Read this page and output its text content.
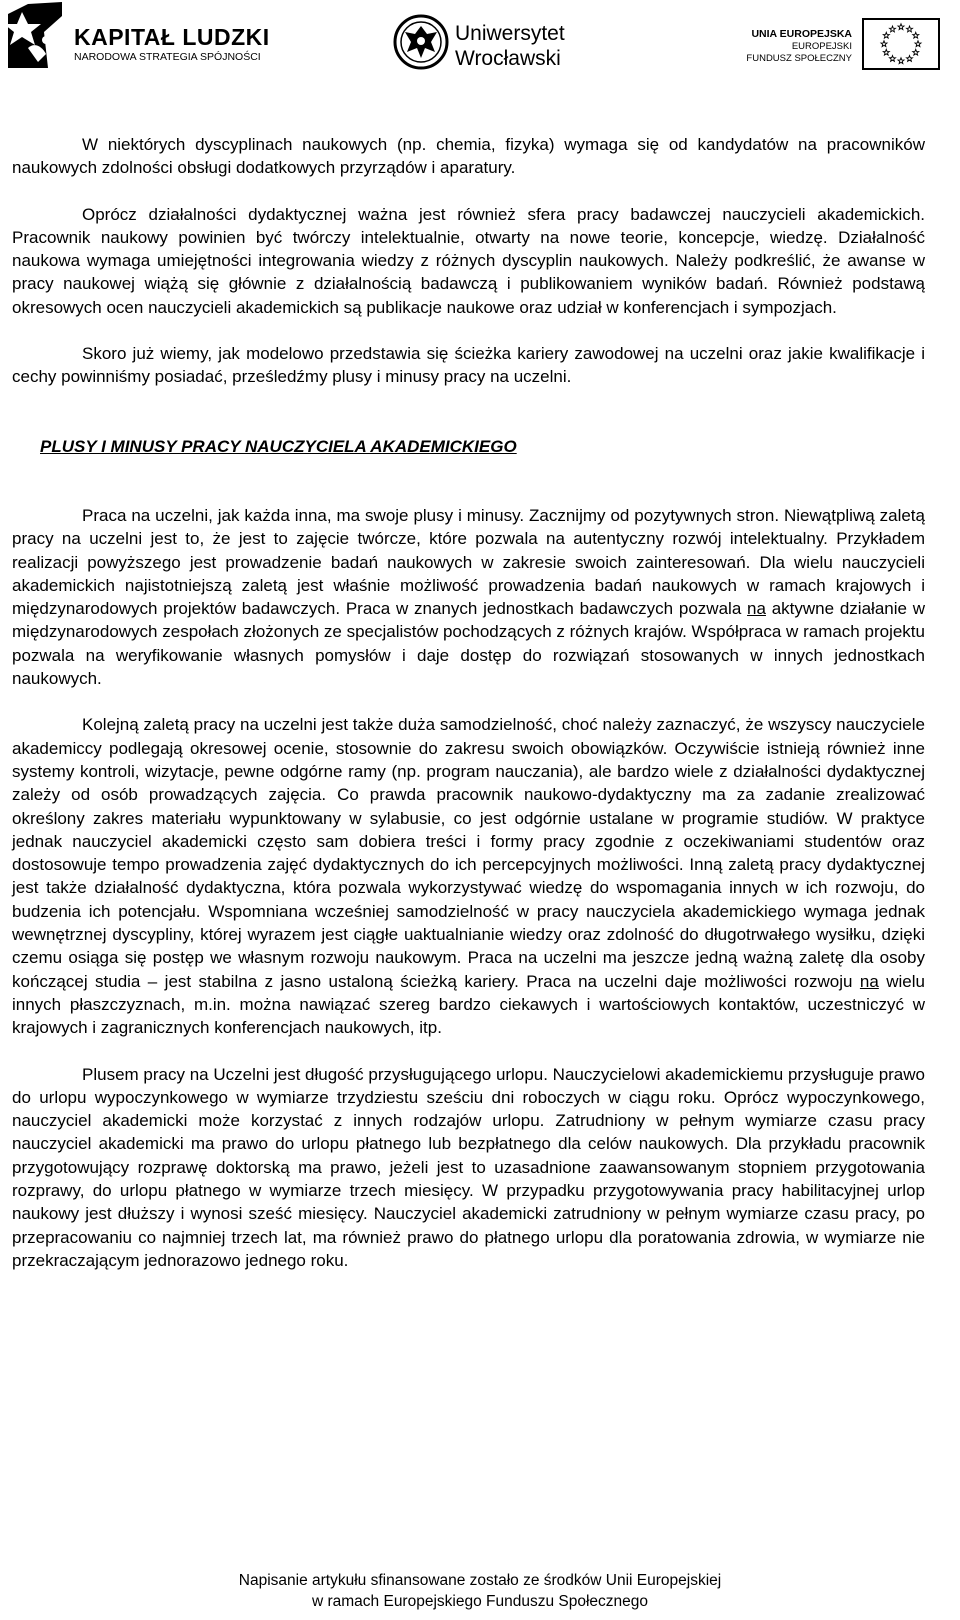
KAPITAŁ LUDZKI
NARODOWA STRATEGIA SPÓJNOŚCI
Uniwersytet
Wrocławski
UNIA EUROPEJSKA
EUROPEJSKI
FUNDUSZ SPOŁECZNY

W niektórych dyscyplinach naukowych (np. chemia, fizyka) wymaga się od kandydatów na pracowników naukowych zdolności obsługi dodatkowych przyrządów i aparatury.

Oprócz działalności dydaktycznej ważna jest również sfera pracy badawczej nauczycieli akademickich. Pracownik naukowy powinien być twórczy intelektualnie, otwarty na nowe teorie, koncepcje, wiedzę. Działalność naukowa wymaga umiejętności integrowania wiedzy z różnych dyscyplin naukowych. Należy podkreślić, że awanse w pracy naukowej wiążą się głównie z działalnością badawczą i publikowaniem wyników badań. Również podstawą okresowych ocen nauczycieli akademickich są publikacje naukowe oraz udział w konferencjach i sympozjach.

Skoro już wiemy, jak modelowo przedstawia się ścieżka kariery zawodowej na uczelni oraz jakie kwalifikacje i cechy powinniśmy posiadać, prześledźmy plusy i minusy pracy na uczelni.

PLUSY I MINUSY PRACY NAUCZYCIELA AKADEMICKIEGO

Praca na uczelni, jak każda inna, ma swoje plusy i minusy. Zacznijmy od pozytywnych stron. Niewątpliwą zaletą pracy na uczelni jest to, że jest to zajęcie twórcze, które pozwala na autentyczny rozwój intelektualny. Przykładem realizacji powyższego jest prowadzenie badań naukowych w zakresie swoich zainteresowań. Dla wielu nauczycieli akademickich najistotniejszą zaletą jest właśnie możliwość prowadzenia badań naukowych w ramach krajowych i międzynarodowych projektów badawczych. Praca w znanych jednostkach badawczych pozwala na aktywne działanie w międzynarodowych zespołach złożonych ze specjalistów pochodzących z różnych krajów. Współpraca w ramach projektu pozwala na weryfikowanie własnych pomysłów i daje dostęp do rozwiązań stosowanych w innych jednostkach naukowych.

Kolejną zaletą pracy na uczelni jest także duża samodzielność, choć należy zaznaczyć, że wszyscy nauczyciele akademiccy podlegają okresowej ocenie, stosownie do zakresu swoich obowiązków. Oczywiście istnieją również inne systemy kontroli, wizytacje, pewne odgórne ramy (np. program nauczania), ale bardzo wiele z działalności dydaktycznej zależy od osób prowadzących zajęcia. Co prawda pracownik naukowo-dydaktyczny ma za zadanie zrealizować określony zakres materiału wypunktowany w sylabusie, co jest odgórnie ustalane w programie studiów. W praktyce jednak nauczyciel akademicki często sam dobiera treści i formy pracy zgodnie z oczekiwaniami studentów oraz dostosowuje tempo prowadzenia zajęć dydaktycznych do ich percepcyjnych możliwości. Inną zaletą pracy dydaktycznej jest także działalność dydaktyczna, która pozwala wykorzystywać wiedzę do wspomagania innych w ich rozwoju, do budzenia ich potencjału. Wspomniana wcześniej samodzielność w pracy nauczyciela akademickiego wymaga jednak wewnętrznej dyscypliny, której wyrazem jest ciągłe uaktualnianie wiedzy oraz zdolność do długotrwałego wysiłku, dzięki czemu osiąga się postęp we własnym rozwoju naukowym. Praca na uczelni ma jeszcze jedną ważną zaletę dla osoby kończącej studia – jest stabilna z jasno ustaloną ścieżką kariery. Praca na uczelni daje możliwości rozwoju na wielu innych płaszczyznach, m.in. można nawiązać szereg bardzo ciekawych i wartościowych kontaktów, uczestniczyć w krajowych i zagranicznych konferencjach naukowych, itp.

Plusem pracy na Uczelni jest długość przysługującego urlopu. Nauczycielowi akademickiemu przysługuje prawo do urlopu wypoczynkowego w wymiarze trzydziestu sześciu dni roboczych w ciągu roku. Oprócz wypoczynkowego, nauczyciel akademicki może korzystać z innych rodzajów urlopu. Zatrudniony w pełnym wymiarze czasu pracy nauczyciel akademicki ma prawo do urlopu płatnego lub bezpłatnego dla celów naukowych. Dla przykładu pracownik przygotowujący rozprawę doktorską ma prawo, jeżeli jest to uzasadnione zaawansowanym stopniem przygotowania rozprawy, do urlopu płatnego w wymiarze trzech miesięcy. W przypadku przygotowywania pracy habilitacyjnej urlop naukowy jest dłuższy i wynosi sześć miesięcy. Nauczyciel akademicki zatrudniony w pełnym wymiarze czasu pracy, po przepracowaniu co najmniej trzech lat, ma również prawo do płatnego urlopu dla poratowania zdrowia, w wymiarze nie przekraczającym jednorazowo jednego roku.

Napisanie artykułu sfinansowane zostało ze środków Unii Europejskiej
w ramach Europejskiego Funduszu Społecznego
